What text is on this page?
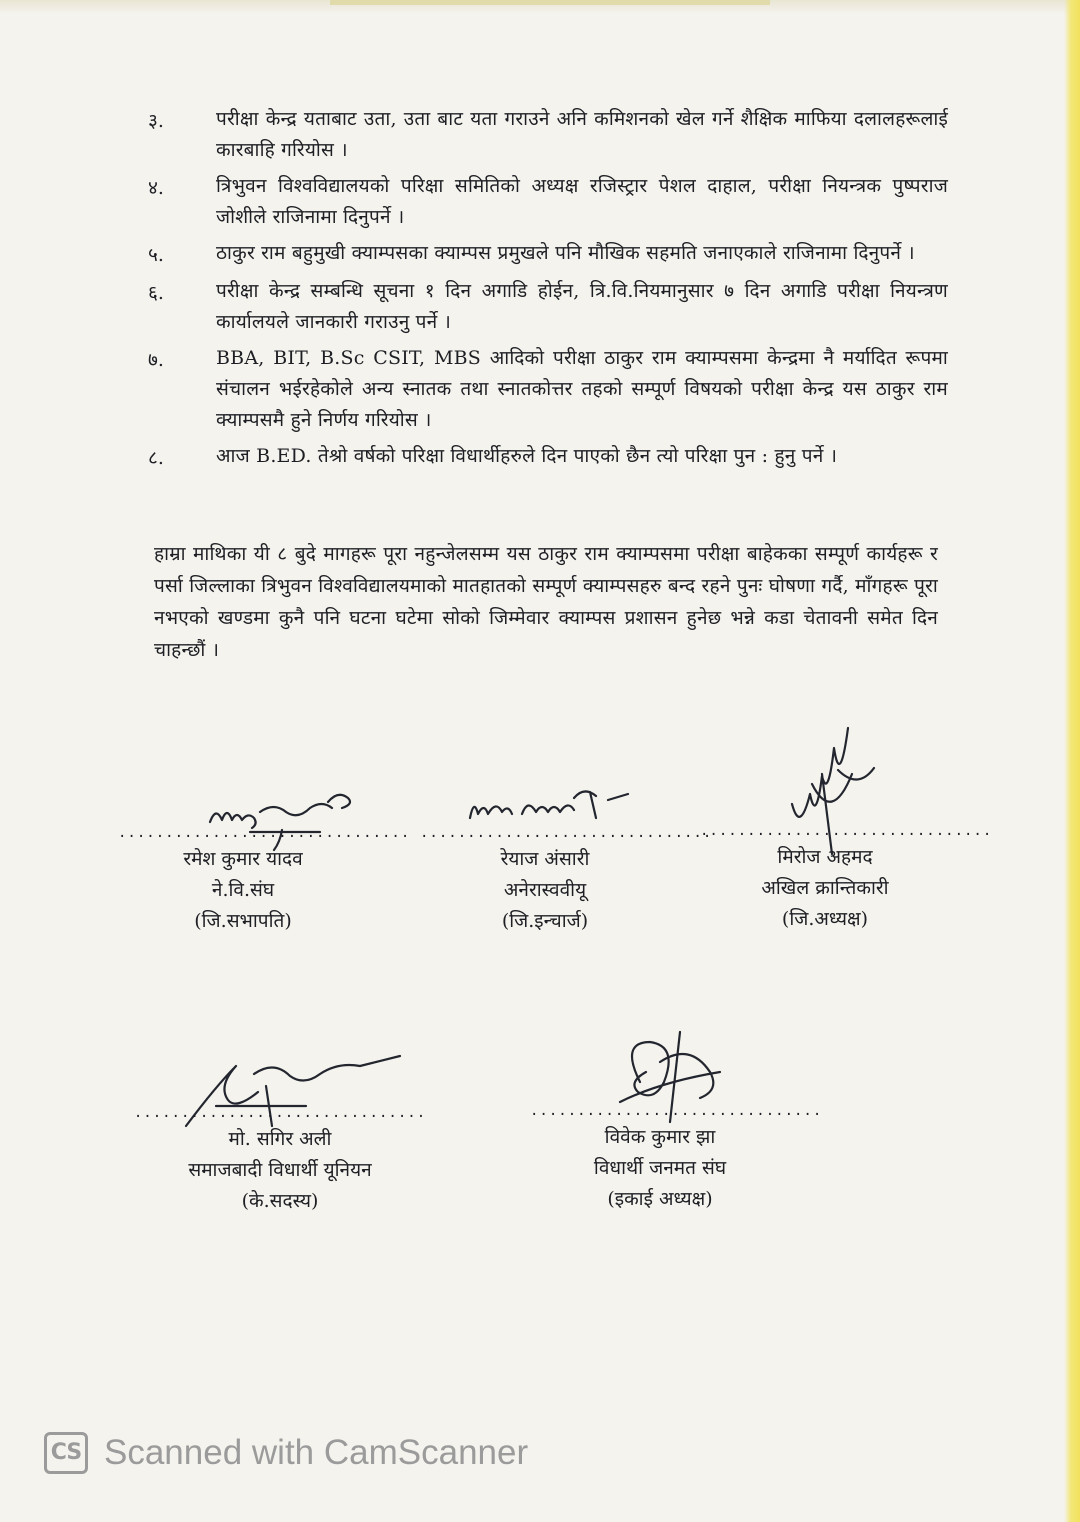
३.	परीक्षा केन्द्र यताबाट उता, उता बाट यता गराउने अनि कमिशनको खेल गर्ने शैक्षिक माफिया दलालहरूलाई कारबाहि गरियोस ।
४.	त्रिभुवन विश्वविद्यालयको परिक्षा समितिको अध्यक्ष रजिस्ट्रार पेशल दाहाल, परीक्षा नियन्त्रक पुष्पराज जोशीले राजिनामा दिनुपर्ने ।
५.	ठाकुर राम बहुमुखी क्याम्पसका क्याम्पस प्रमुखले पनि मौखिक सहमति जनाएकाले राजिनामा दिनुपर्ने ।
६.	परीक्षा केन्द्र सम्बन्धि सूचना १ दिन अगाडि होईन, त्रि.वि.नियमानुसार ७ दिन अगाडि परीक्षा नियन्त्रण कार्यालयले जानकारी गराउनु पर्ने ।
७.	BBA, BIT, B.Sc CSIT, MBS आदिको परीक्षा ठाकुर राम क्याम्पसमा केन्द्रमा नै मर्यादित रूपमा संचालन भईरहेकोले अन्य स्नातक तथा स्नातकोत्तर तहको सम्पूर्ण विषयको परीक्षा केन्द्र यस ठाकुर राम क्याम्पसमै हुने निर्णय गरियोस ।
८.	आज B.ED. तेश्रो वर्षको परिक्षा विधार्थीहरुले दिन पाएको छैन त्यो परिक्षा पुन : हुनु पर्ने ।
हाम्रा माथिका यी ८ बुदे मागहरू पूरा नहुन्जेलसम्म यस ठाकुर राम क्याम्पसमा परीक्षा बाहेकका सम्पूर्ण कार्यहरू र पर्सा जिल्लाका त्रिभुवन विश्वविद्यालयमाको मातहातको सम्पूर्ण क्याम्पसहरु बन्द रहने पुनः घोषणा गर्दै, माँगहरू पूरा नभएको खण्डमा कुनै पनि घटना घटेमा सोको जिम्मेवार क्याम्पस प्रशासन हुनेछ भन्ने कडा चेतावनी समेत दिन चाहन्छौं ।
...............................
रमेश कुमार यादव
ने.वि.संघ
(जि.सभापति)
...............................
रेयाज अंसारी
अनेरास्ववीयू
(जि.इन्चार्ज)
...............................
मिरोज अहमद
अखिल क्रान्तिकारी
(जि.अध्यक्ष)
...............................
मो. सगिर अली
समाजबादी विधार्थी यूनियन
(के.सदस्य)
...............................
विवेक कुमार झा
विधार्थी जनमत संघ
(इकाई अध्यक्ष)
CS Scanned with CamScanner
